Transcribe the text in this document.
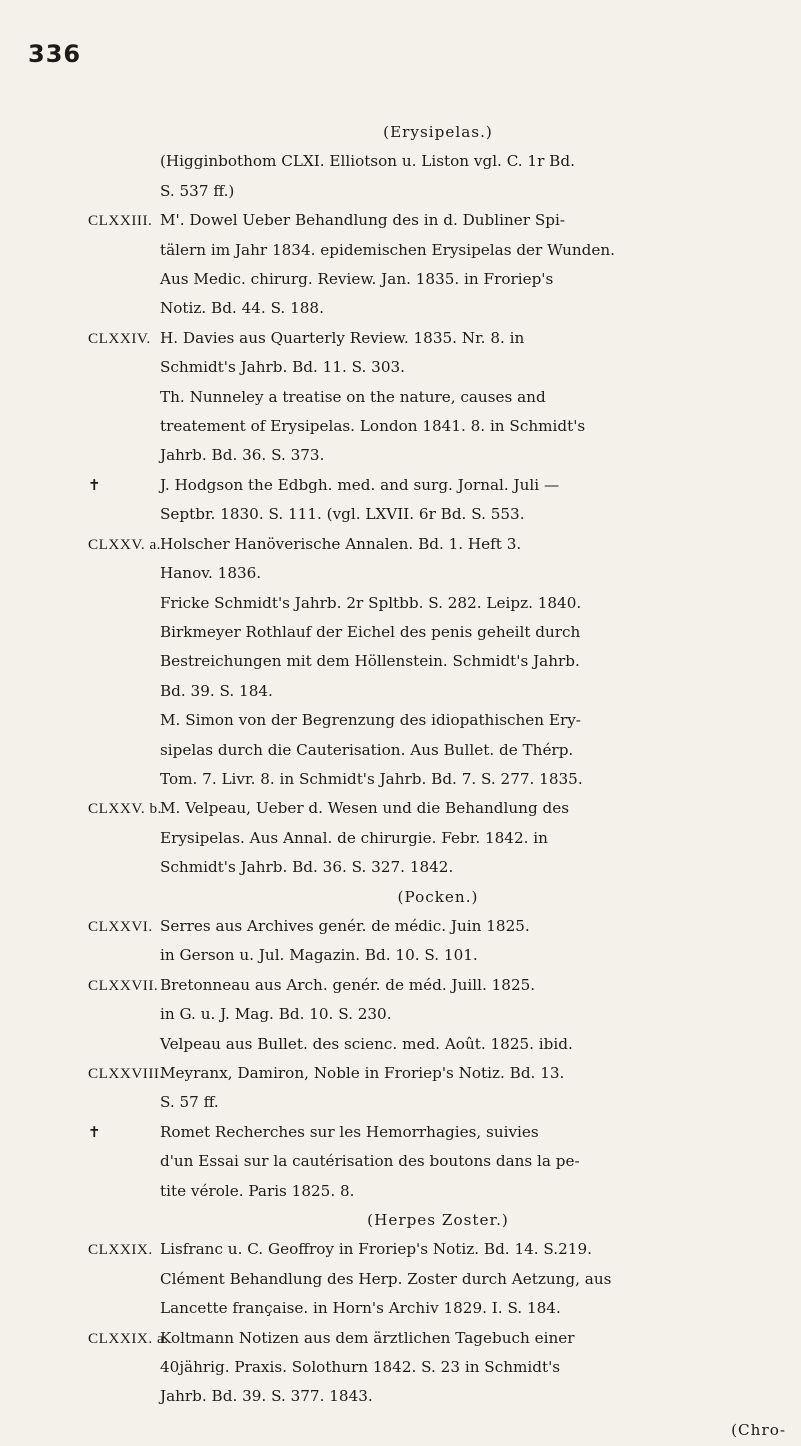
336
(Erysipelas.)
(Higginbothom CLXI. Elliotson u. Liston vgl. C. 1r Bd.
S. 537 ff.)
CLXXIII. M'. Dowel Ueber Behandlung des in d. Dubliner Spi-
tälern im Jahr 1834. epidemischen Erysipelas der Wunden.
Aus Medic. chirurg. Review. Jan. 1835. in Froriep's
Notiz. Bd. 44. S. 188.
CLXXIV. H. Davies aus Quarterly Review. 1835. Nr. 8. in
Schmidt's Jahrb. Bd. 11. S. 303.
Th. Nunneley a treatise on the nature, causes and
treatement of Erysipelas. London 1841. 8. in Schmidt's
Jahrb. Bd. 36. S. 373.
✝	J. Hodgson the Edbgh. med. and surg. Jornal. Juli —
Septbr. 1830. S. 111. (vgl. LXVII. 6r Bd. S. 553.
CLXXV. a. Holscher Hanöverische Annalen. Bd. 1. Heft 3.
Hanov. 1836.
Fricke Schmidt's Jahrb. 2r Spltbb. S. 282. Leipz. 1840.
Birkmeyer Rothlauf der Eichel des penis geheilt durch
Bestreichungen mit dem Höllenstein. Schmidt's Jahrb.
Bd. 39. S. 184.
M. Simon von der Begrenzung des idiopathischen Ery-
sipelas durch die Cauterisation. Aus Bullet. de Thérp.
Tom. 7. Livr. 8. in Schmidt's Jahrb. Bd. 7. S. 277. 1835.
CLXXV. b.
M. Velpeau, Ueber d. Wesen und die Behandlung des
Erysipelas. Aus Annal. de chirurgie. Febr. 1842. in
Schmidt's Jahrb. Bd. 36. S. 327. 1842.
(Pocken.)
CLXXVI. Serres aus Archives genér. de médic. Juin 1825.
in Gerson u. Jul. Magazin. Bd. 10. S. 101.
CLXXVII. Bretonneau aus Arch. genér. de méd. Juill. 1825.
in G. u. J. Mag. Bd. 10. S. 230.
Velpeau aus Bullet. des scienc. med. Août. 1825. ibid.
CLXXVIII.
Meyranx, Damiron, Noble in Froriep's Notiz. Bd. 13.
S. 57 ff.
✝	Romet Recherches sur les Hemorrhagies, suivies
d'un Essai sur la cautérisation des boutons dans la pe-
tite vérole. Paris 1825. 8.
(Herpes Zoster.)
CLXXIX. Lisfranc u. C. Geoffroy in Froriep's Notiz. Bd. 14. S.219.
Clément Behandlung des Herp. Zoster durch Aetzung, aus
Lancette française. in Horn's Archiv 1829. I. S. 184.
CLXXIX. a.
Koltmann Notizen aus dem ärztlichen Tagebuch einer
40jährig. Praxis. Solothurn 1842. S. 23 in Schmidt's
Jahrb. Bd. 39. S. 377. 1843.
(Chro-
